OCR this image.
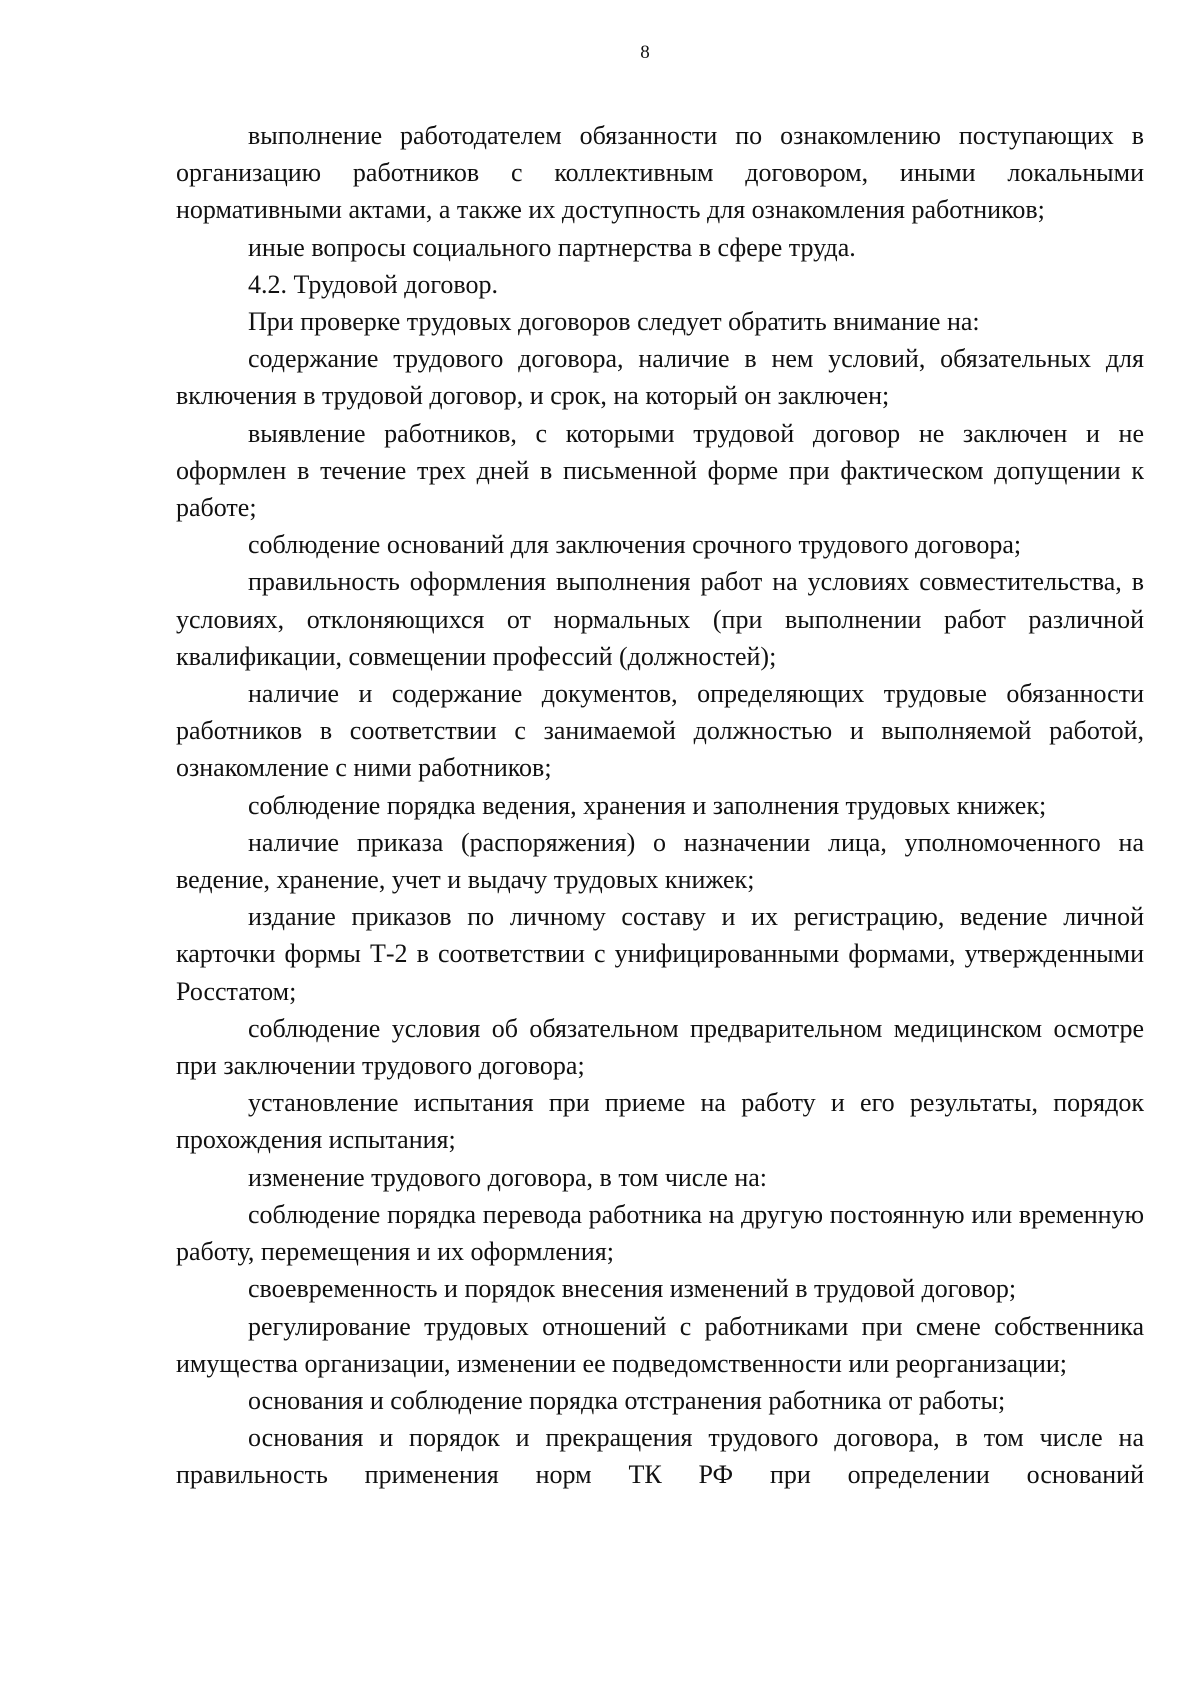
8

выполнение работодателем обязанности по ознакомлению поступающих в организацию работников с коллективным договором, иными локальными нормативными актами, а также их доступность для ознакомления работников;

иные вопросы социального партнерства в сфере труда.

4.2. Трудовой договор.

При проверке трудовых договоров следует обратить внимание на:

содержание трудового договора, наличие в нем условий, обязательных для включения в трудовой договор, и срок, на который он заключен;

выявление работников, с которыми трудовой договор не заключен и не оформлен в течение трех дней в письменной форме при фактическом допущении к работе;

соблюдение оснований для заключения срочного трудового договора;

правильность оформления выполнения работ на условиях совместительства, в условиях, отклоняющихся от нормальных (при выполнении работ различной квалификации, совмещении профессий (должностей);

наличие и содержание документов, определяющих трудовые обязанности работников в соответствии с занимаемой должностью и выполняемой работой, ознакомление с ними работников;

соблюдение порядка ведения, хранения и заполнения трудовых книжек;

наличие приказа (распоряжения) о назначении лица, уполномоченного на ведение, хранение, учет и выдачу трудовых книжек;

издание приказов по личному составу и их регистрацию, ведение личной карточки формы Т-2 в соответствии с унифицированными формами, утвержденными Росстатом;

соблюдение условия об обязательном предварительном медицинском осмотре при заключении трудового договора;

установление испытания при приеме на работу и его результаты, порядок прохождения испытания;

изменение трудового договора, в том числе на:

соблюдение порядка перевода работника на другую постоянную или временную работу, перемещения и их оформления;

своевременность и порядок внесения изменений в трудовой договор;

регулирование трудовых отношений с работниками при смене собственника имущества организации, изменении ее подведомственности или реорганизации;

основания и соблюдение порядка отстранения работника от работы;

основания и порядок и прекращения трудового договора, в том числе на правильность применения норм ТК РФ при определении оснований
